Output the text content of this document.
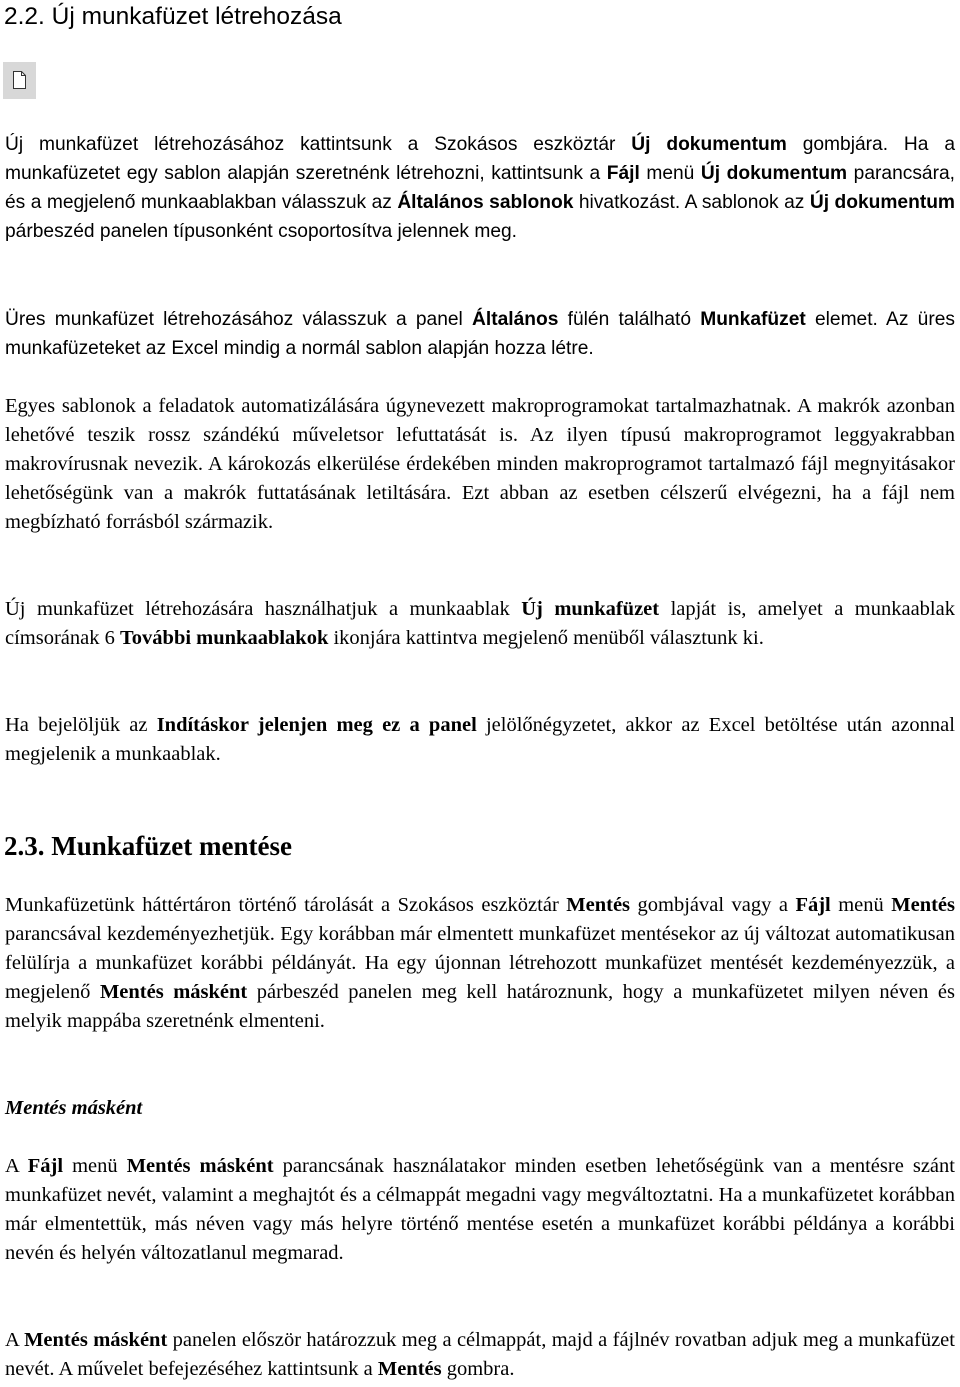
2.2. Új munkafüzet létrehozása

Új munkafüzet létrehozásához kattintsunk a Szokásos eszköztár Új dokumentum gombjára. Ha a munkafüzetet egy sablon alapján szeretnénk létrehozni, kattintsunk a Fájl menü Új dokumentum parancsára, és a megjelenő munkaablakban válasszuk az Általános sablonok hivatkozást. A sablonok az Új dokumentum párbeszéd panelen típusonként csoportosítva jelennek meg.

Üres munkafüzet létrehozásához válasszuk a panel Általános fülén található Munkafüzet elemet. Az üres munkafüzeteket az Excel mindig a normál sablon alapján hozza létre.

Egyes sablonok a feladatok automatizálására úgynevezett makroprogramokat tartalmazhatnak. A makrók azonban lehetővé teszik rossz szándékú műveletsor lefuttatását is. Az ilyen típusú makroprogramot leggyakrabban makrovírusnak nevezik. A károkozás elkerülése érdekében minden makroprogramot tartalmazó fájl megnyitásakor lehetőségünk van a makrók futtatásának letiltására. Ezt abban az esetben célszerű elvégezni, ha a fájl nem megbízható forrásból származik.

Új munkafüzet létrehozására használhatjuk a munkaablak Új munkafüzet lapját is, amelyet a munkaablak címsorának 6 További munkaablakok ikonjára kattintva megjelenő menüből választunk ki.

Ha bejelöljük az Indításkor jelenjen meg ez a panel jelölőnégyzetet, akkor az Excel betöltése után azonnal megjelenik a munkaablak.

2.3. Munkafüzet mentése

Munkafüzetünk háttértáron történő tárolását a Szokásos eszköztár Mentés gombjával vagy a Fájl menü Mentés parancsával kezdeményezhetjük. Egy korábban már elmentett munkafüzet mentésekor az új változat automatikusan felülírja a munkafüzet korábbi példányát. Ha egy újonnan létrehozott munkafüzet mentését kezdeményezzük, a megjelenő Mentés másként párbeszéd panelen meg kell határoznunk, hogy a munkafüzetet milyen néven és melyik mappába szeretnénk elmenteni.

Mentés másként

A Fájl menü Mentés másként parancsának használatakor minden esetben lehetőségünk van a mentésre szánt munkafüzet nevét, valamint a meghajtót és a célmappát megadni vagy megváltoztatni. Ha a munkafüzetet korábban már elmentettük, más néven vagy más helyre történő mentése esetén a munkafüzet korábbi példánya a korábbi nevén és helyén változatlanul megmarad.

A Mentés másként panelen először határozzuk meg a célmappát, majd a fájlnév rovatban adjuk meg a munkafüzet nevét. A művelet befejezéséhez kattintsunk a Mentés gombra.
